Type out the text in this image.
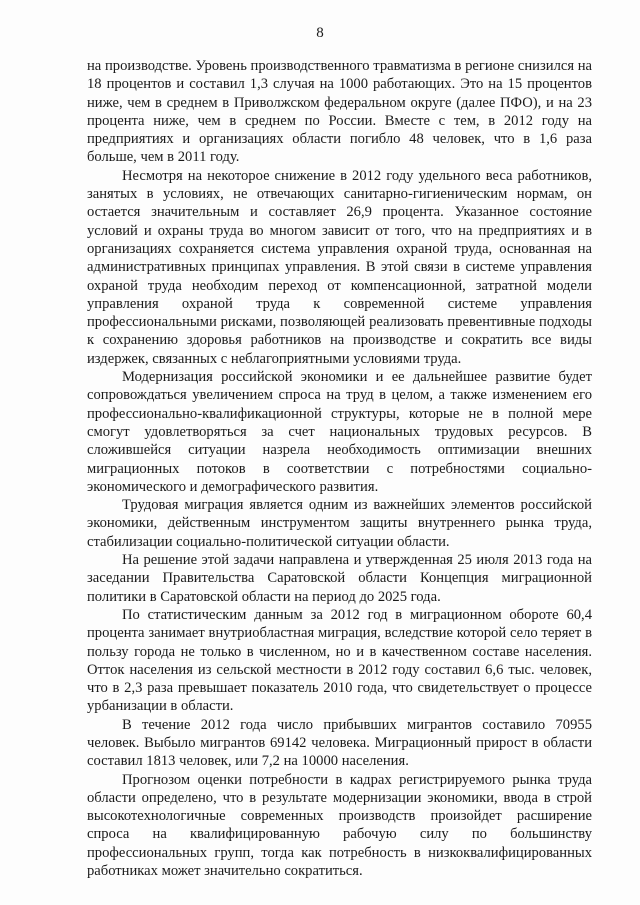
8

на производстве. Уровень производственного травматизма в регионе снизился на 18 процентов и составил 1,3 случая на 1000 работающих. Это на 15 процентов ниже, чем в среднем в Приволжском федеральном округе (далее ПФО), и на 23 процента ниже, чем в среднем по России. Вместе с тем, в 2012 году на предприятиях и организациях области погибло 48 человек, что в 1,6 раза больше, чем в 2011 году.

Несмотря на некоторое снижение в 2012 году удельного веса работников, занятых в условиях, не отвечающих санитарно-гигиеническим нормам, он остается значительным и составляет 26,9 процента. Указанное состояние условий и охраны труда во многом зависит от того, что на предприятиях и в организациях сохраняется система управления охраной труда, основанная на административных принципах управления. В этой связи в системе управления охраной труда необходим переход от компенсационной, затратной модели управления охраной труда к современной системе управления профессиональными рисками, позволяющей реализовать превентивные подходы к сохранению здоровья работников на производстве и сократить все виды издержек, связанных с неблагоприятными условиями труда.

Модернизация российской экономики и ее дальнейшее развитие будет сопровождаться увеличением спроса на труд в целом, а также изменением его профессионально-квалификационной структуры, которые не в полной мере смогут удовлетворяться за счет национальных трудовых ресурсов. В сложившейся ситуации назрела необходимость оптимизации внешних миграционных потоков в соответствии с потребностями социально-экономического и демографического развития.

Трудовая миграция является одним из важнейших элементов российской экономики, действенным инструментом защиты внутреннего рынка труда, стабилизации социально-политической ситуации области.

На решение этой задачи направлена и утвержденная 25 июля 2013 года на заседании Правительства Саратовской области Концепция миграционной политики в Саратовской области на период до 2025 года.

По статистическим данным за 2012 год в миграционном обороте 60,4 процента занимает внутриобластная миграция, вследствие которой село теряет в пользу города не только в численном, но и в качественном составе населения. Отток населения из сельской местности в 2012 году составил 6,6 тыс. человек, что в 2,3 раза превышает показатель 2010 года, что свидетельствует о процессе урбанизации в области.

В течение 2012 года число прибывших мигрантов составило 70955 человек. Выбыло мигрантов 69142 человека. Миграционный прирост в области составил 1813 человек, или 7,2 на 10000 населения.

Прогнозом оценки потребности в кадрах регистрируемого рынка труда области определено, что в результате модернизации экономики, ввода в строй высокотехнологичные современных производств произойдет расширение спроса на квалифицированную рабочую силу по большинству профессиональных групп, тогда как потребность в низкоквалифицированных работниках может значительно сократиться.
